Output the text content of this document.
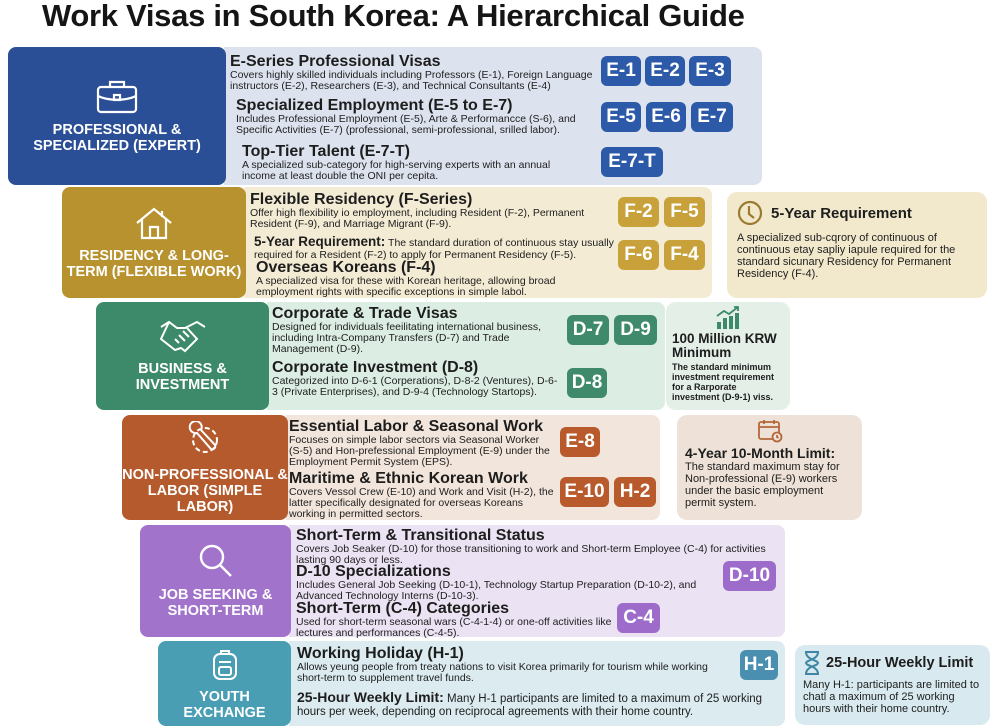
Work Visas in South Korea: A Hierarchical Guide
PROFESSIONAL & SPECIALIZED (EXPERT)
E-Series Professional Visas
Covers highly skilled individuals including Professors (E-1), Foreign Language instructors (E-2), Researchers (E-3), and Technical Consultants (E-4)
Specialized Employment (E-5 to E-7)
Includes Professional Employment (E-5), Arte & Performancce (S-6), and Specific Activities (E-7) (professional, semi-professional, srilled labor).
Top-Tier Talent (E-7-T)
A specialized sub-category for high-serving experts with an annual income at least double the ONI per cepita.
E-1 E-2 E-3
E-5 E-6 E-7
E-7-T
RESIDENCY & LONG-TERM (FLEXIBLE WORK)
Flexible Residency (F-Series)
Offer high flexibility io employment, including Resident (F-2), Permanent Resident (F-9), and Marriage Migrant (F-9).
5-Year Requirement: The standard duration of continuous stay usually required for a Resident (F-2) to apply for Permanent Residency (F-5).
Overseas Koreans (F-4)
A specialized visa for these with Korean heritage, allowing broad employment rights with specific exceptions in simple labol.
F-2 F-5
F-6 F-4
5-Year Requirement
A specialized sub-cqrory of continuous of continuous etay sapliy iapule required for the standard sicunary Residency for Permanent Residency (F-4).
BUSINESS & INVESTMENT
Corporate & Trade Visas
Designed for individuals feeilitating international business, including Intra-Company Transfers (D-7) and Trade Management (D-9).
Corporate Investment (D-8)
Categorized into D-6-1 (Corperations), D-8-2 (Ventures), D-6-3 (Private Enterprises), and D-9-4 (Technology Startops).
D-7 D-9
D-8
100 Million KRW Minimum
The standard minimum investment requirement for a Rarporate investment (D-9-1) viss.
NON-PROFESSIONAL & LABOR (SIMPLE LABOR)
Essential Labor & Seasonal Work
Focuses on simple labor sectors via Seasonal Worker (S-5) and Hon-prefessional Employment (E-9) under the Employment Permit System (EPS).
Maritime & Ethnic Korean Work
Covers Vessol Crew (E-10) and Work and Visit (H-2), the latter specifically designated for overseas Koreans working in permitted sectors.
E-8
E-10 H-2
4-Year 10-Month Limit:
The standard maximum stay for Non-professional (E-9) workers under the basic employment permit system.
JOB SEEKING & SHORT-TERM
Short-Term & Transitional Status
Covers Job Seaker (D-10) for those transitioning to work and Short-term Employee (C-4) for activities lasting 90 days or less.
D-10 Specializations
Includes General Job Seeking (D-10-1), Technology Startup Preparation (D-10-2), and Advanced Technology Interns (D-10-3).
Short-Term (C-4) Categories
Used for short-term seasonal wars (C-4-1-4) or one-off activities like lectures and performances (C-4-5).
D-10
C-4
YOUTH EXCHANGE
Working Holiday (H-1)
Allows yeung people from treaty nations to visit Korea primarily for tourism while working short-term to supplement travel funds.
25-Hour Weekly Limit: Many H-1 participants are limited to a maximum of 25 working hours per week, depending on reciprocal agreements with their home country.
H-1	25-Hour Weekly Limit
Many H-1: participants are limited to chatl a maximum of 25 working hours with their home country.
